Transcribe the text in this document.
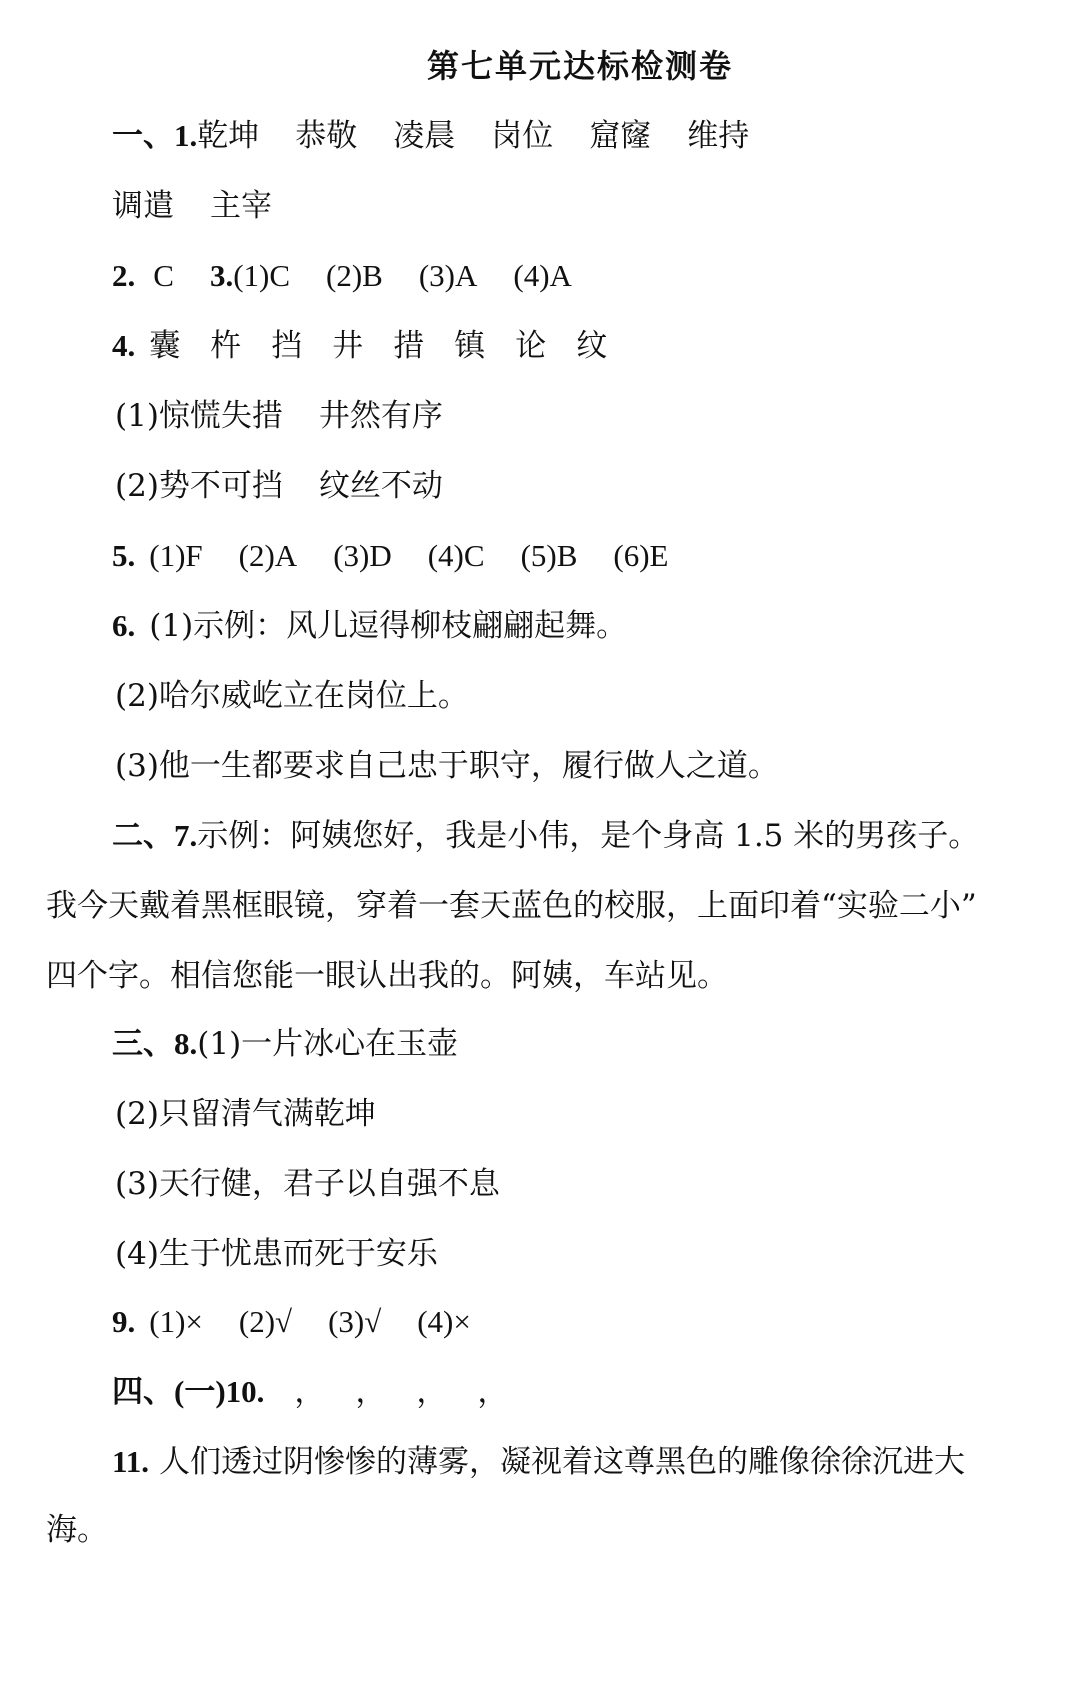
第七单元达标检测卷
一、1.乾坤 恭敬 凌晨 岗位 窟窿 维持
调遣 主宰
2. C 3.(1)C (2)B (3)A (4)A
4. 囊 杵 挡 井 措 镇 论 纹
(1)惊慌失措 井然有序
(2)势不可挡 纹丝不动
5. (1)F (2)A (3)D (4)C (5)B (6)E
6. (1)示例：风儿逗得柳枝翩翩起舞。
(2)哈尔威屹立在岗位上。
(3)他一生都要求自己忠于职守，履行做人之道。
二、7.示例：阿姨您好，我是小伟，是个身高 1.5 米的男孩子。
我今天戴着黑框眼镜，穿着一套天蓝色的校服，上面印着“实验二小”
四个字。相信您能一眼认出我的。阿姨，车站见。
三、8.(1)一片冰心在玉壶
(2)只留清气满乾坤
(3)天行健，君子以自强不息
(4)生于忧患而死于安乐
9. (1)× (2)√ (3)√ (4)×
四、(一)10. ， ， ， ，
11. 人们透过阴惨惨的薄雾，凝视着这尊黑色的雕像徐徐沉进大
海。
